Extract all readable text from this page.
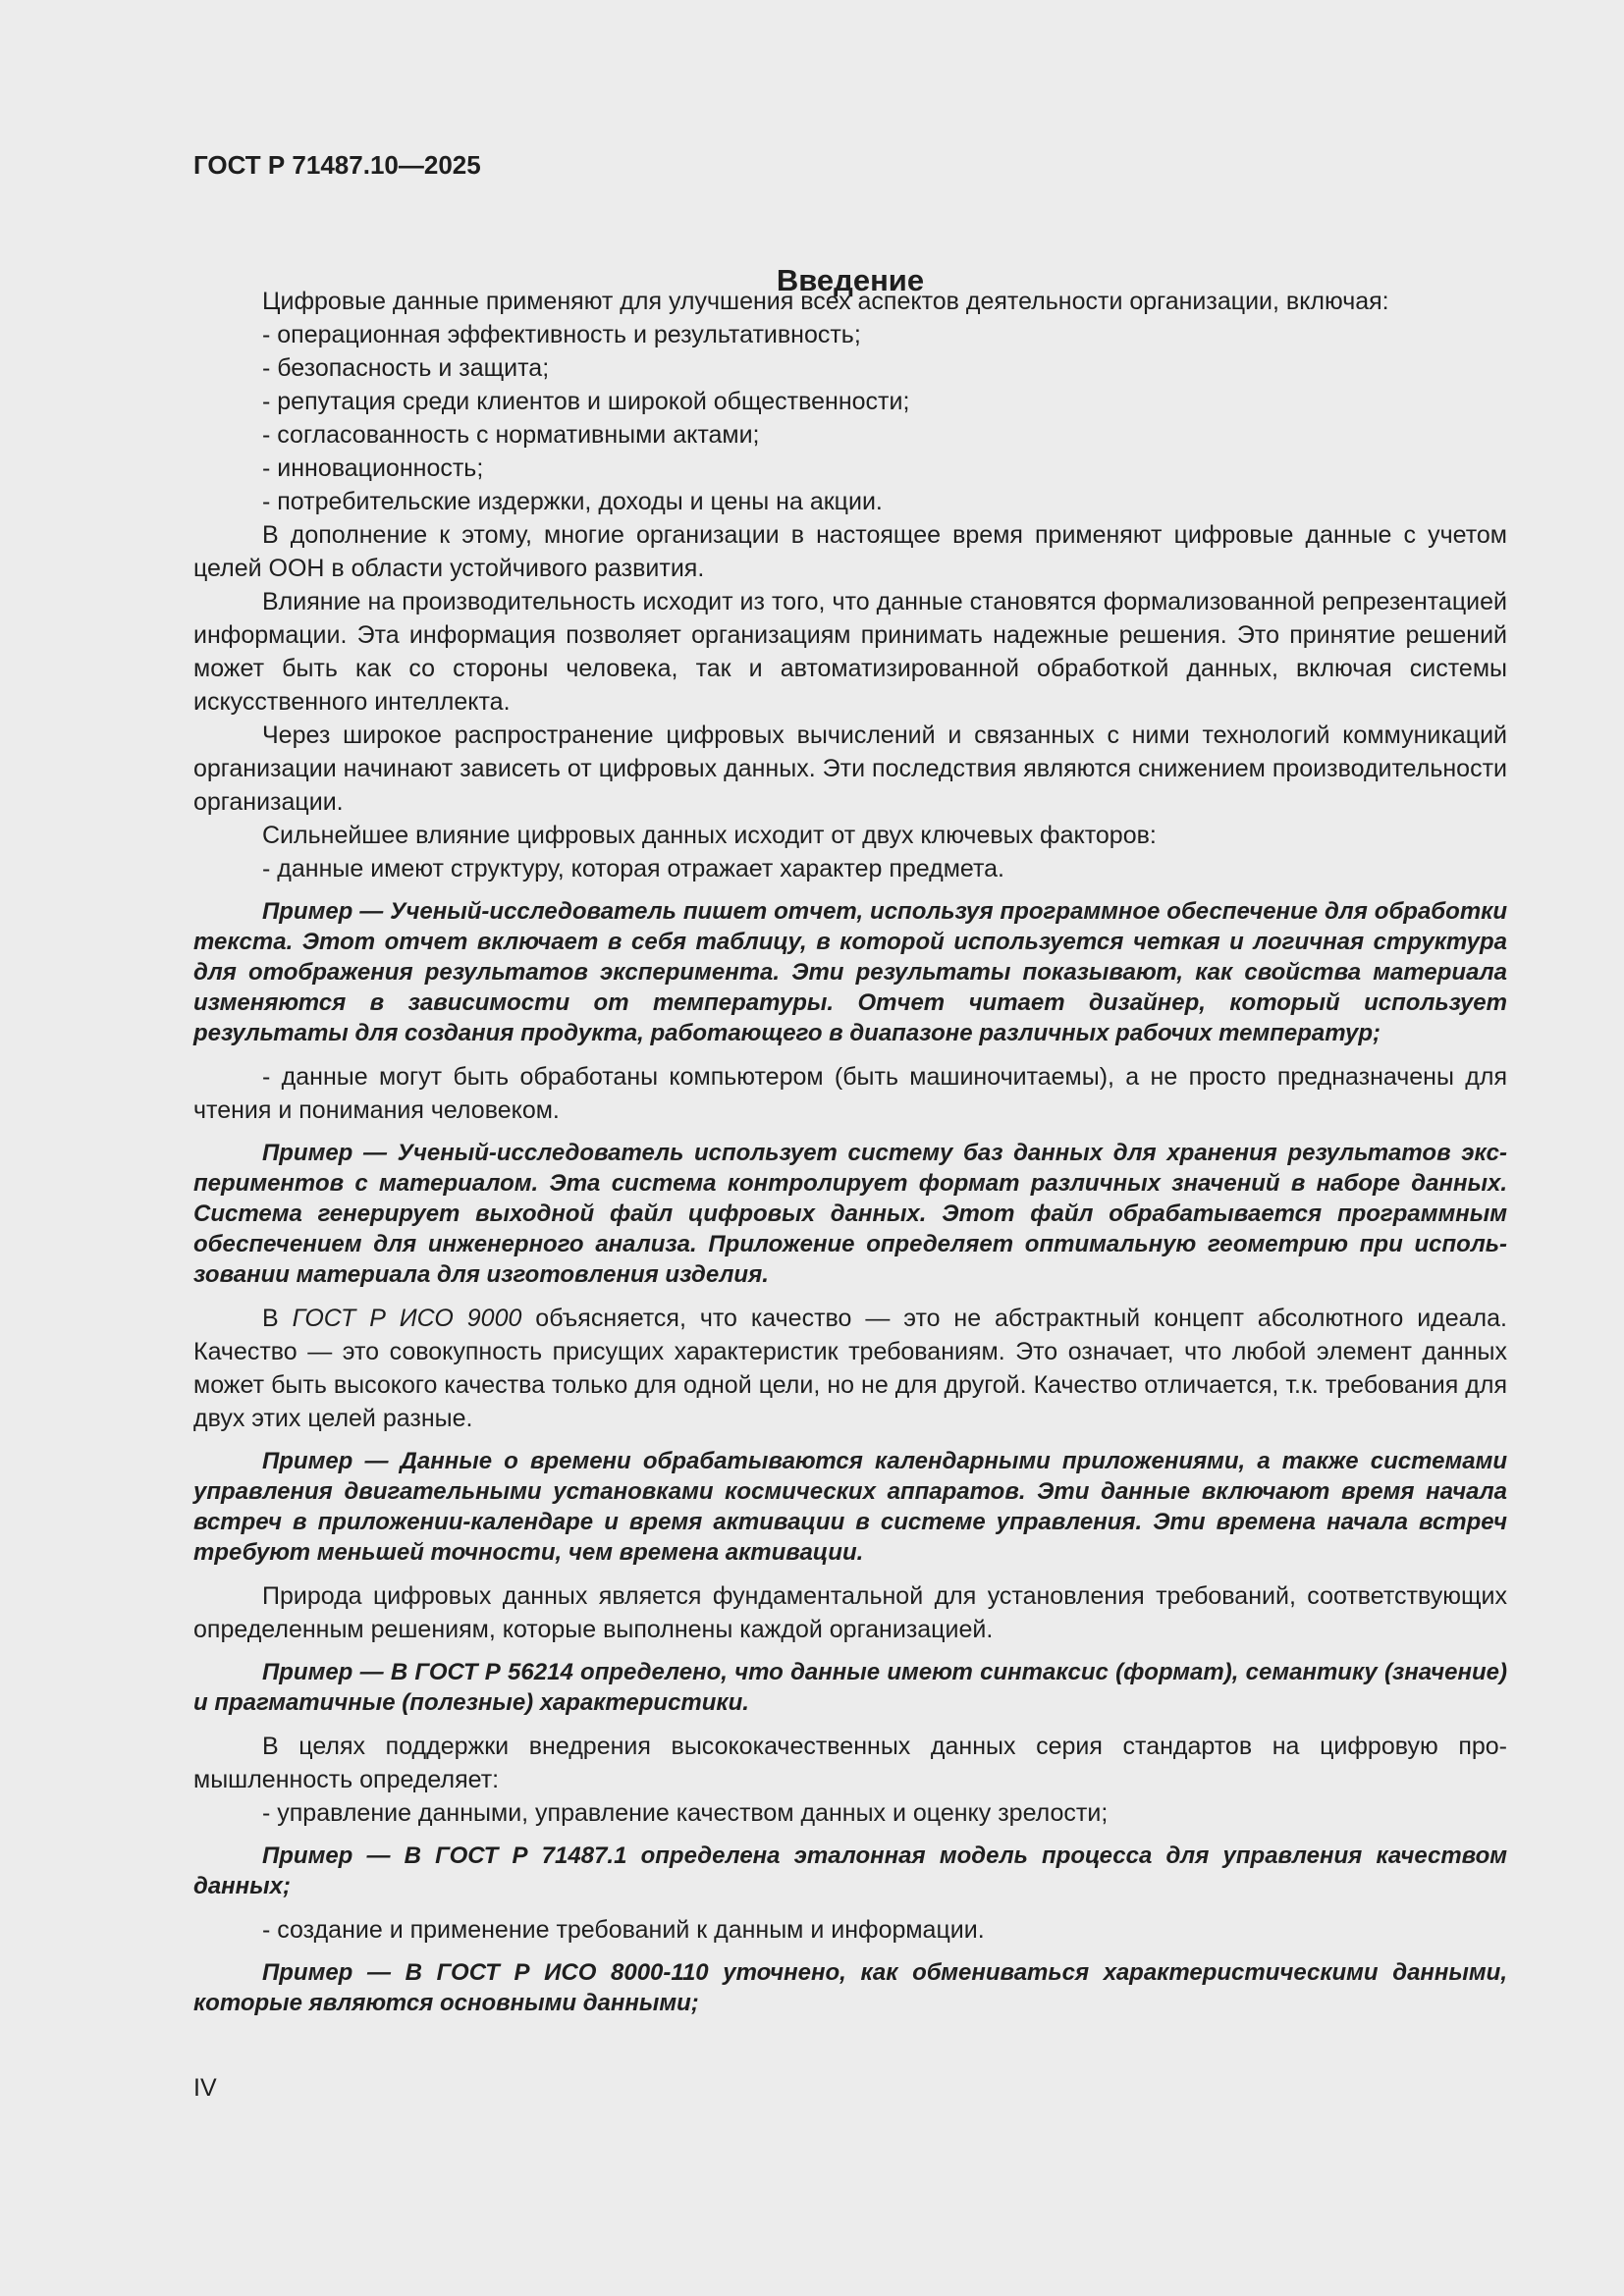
ГОСТ Р 71487.10—2025

Введение

Цифровые данные применяют для улучшения всех аспектов деятельности организации, включая:

- операционная эффективность и результативность;

- безопасность и защита;

- репутация среди клиентов и широкой общественности;

- согласованность с нормативными актами;

- инновационность;

- потребительские издержки, доходы и цены на акции.

В дополнение к этому, многие организации в настоящее время применяют цифровые данные с учетом целей ООН в области устойчивого развития.

Влияние на производительность исходит из того, что данные становятся формализованной репрезентацией информации. Эта информация позволяет организациям принимать надежные решения. Это принятие решений может быть как со стороны человека, так и автоматизированной обработкой данных, включая системы искусственного интеллекта.

Через широкое распространение цифровых вычислений и связанных с ними технологий коммуникаций организации начинают зависеть от цифровых данных. Эти последствия являются снижением производительности организации.

Сильнейшее влияние цифровых данных исходит от двух ключевых факторов:

- данные имеют структуру, которая отражает характер предмета.

Пример — Ученый-исследователь пишет отчет, используя программное обеспечение для обработки текста. Этот отчет включает в себя таблицу, в которой используется четкая и логичная структура для отображения результатов эксперимента. Эти результаты показывают, как свойства материала изменяются в зависимости от температуры. Отчет читает дизайнер, который использует результаты для создания продукта, работающего в диапазоне различных рабочих температур;

- данные могут быть обработаны компьютером (быть машиночитаемы), а не просто предназначены для чтения и понимания человеком.

Пример — Ученый-исследователь использует систему баз данных для хранения результатов экспериментов с материалом. Эта система контролирует формат различных значений в наборе данных. Система генерирует выходной файл цифровых данных. Этот файл обрабатывается программным обеспечением для инженерного анализа. Приложение определяет оптимальную геометрию при использовании материала для изготовления изделия.

В ГОСТ Р ИСО 9000 объясняется, что качество — это не абстрактный концепт абсолютного идеала. Качество — это совокупность присущих характеристик требованиям. Это означает, что любой элемент данных может быть высокого качества только для одной цели, но не для другой. Качество отличается, т.к. требования для двух этих целей разные.

Пример — Данные о времени обрабатываются календарными приложениями, а также системами управления двигательными установками космических аппаратов. Эти данные включают время начала встреч в приложении-календаре и время активации в системе управления. Эти времена начала встреч требуют меньшей точности, чем времена активации.

Природа цифровых данных является фундаментальной для установления требований, соответствующих определенным решениям, которые выполнены каждой организацией.

Пример — В ГОСТ Р 56214 определено, что данные имеют синтаксис (формат), семантику (значение) и прагматичные (полезные) характеристики.

В целях поддержки внедрения высококачественных данных серия стандартов на цифровую промышленность определяет:

- управление данными, управление качеством данных и оценку зрелости;

Пример — В ГОСТ Р 71487.1 определена эталонная модель процесса для управления качеством данных;

- создание и применение требований к данным и информации.

Пример — В ГОСТ Р ИСО 8000-110 уточнено, как обмениваться характеристическими данными, которые являются основными данными;

IV
